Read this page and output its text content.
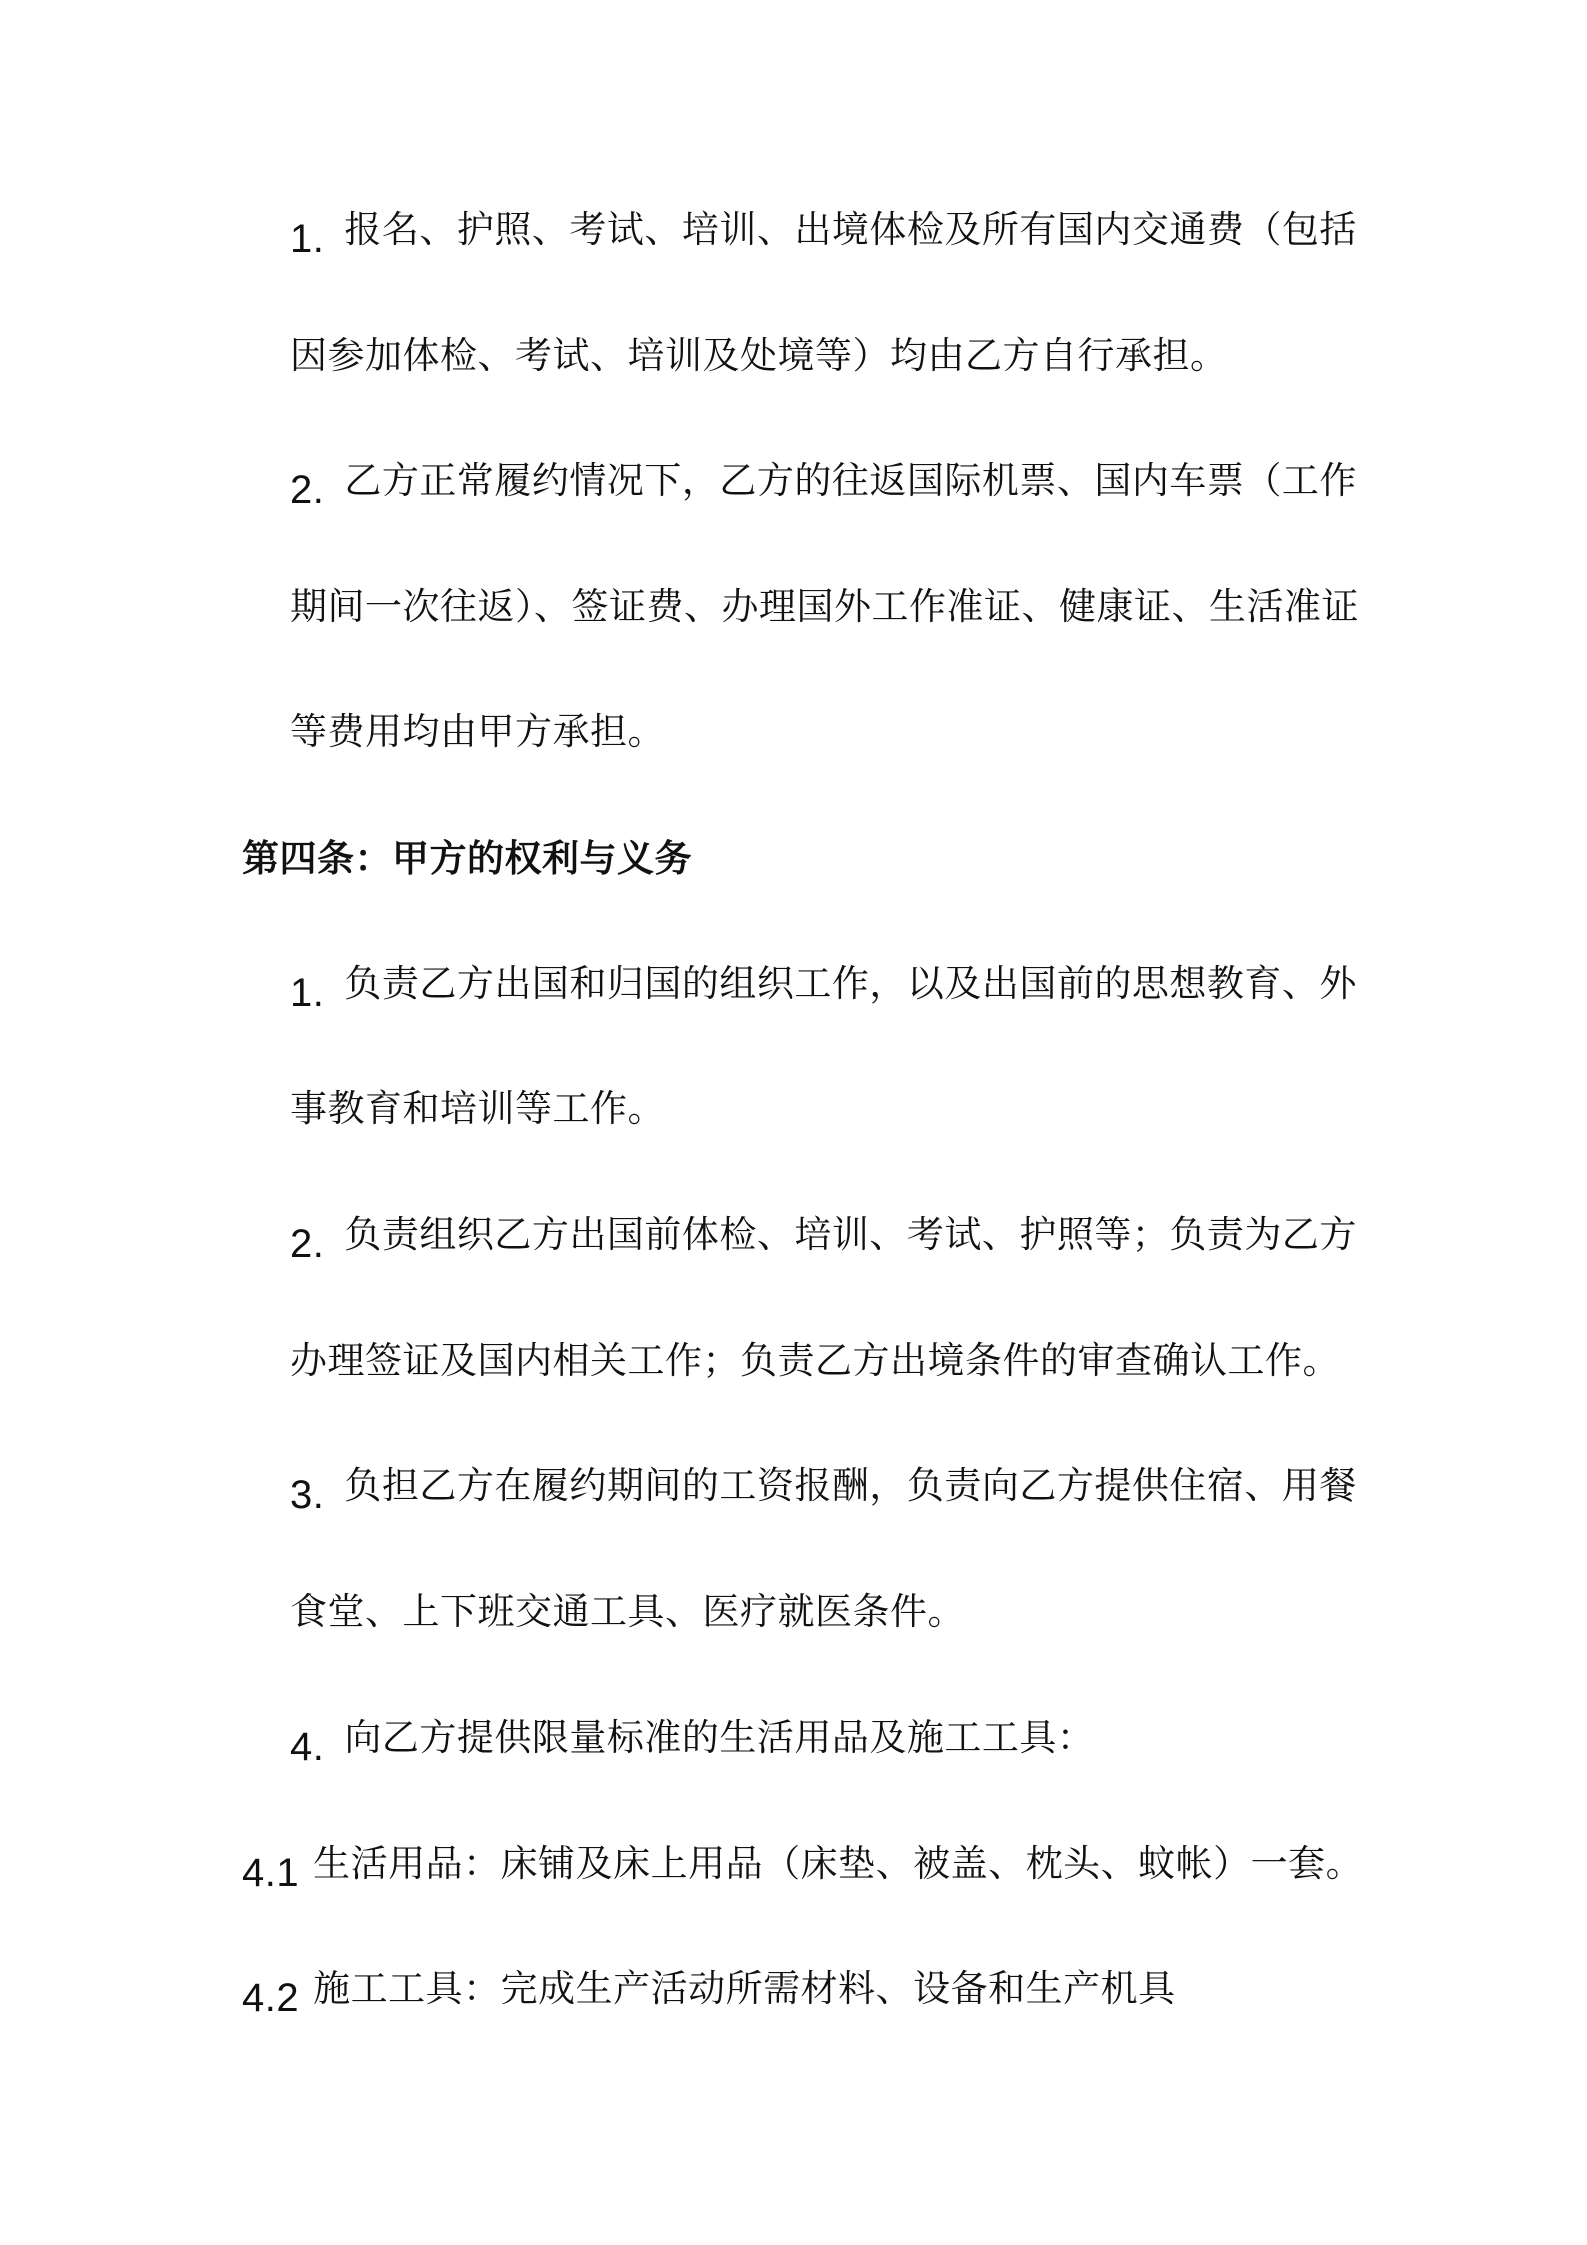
1. 报名、护照、考试、培训、出境体检及所有国内交通费（包括
因参加体检、考试、培训及处境等）均由乙方自行承担。
2. 乙方正常履约情况下，乙方的往返国际机票、国内车票（工作
期间一次往返）、签证费、办理国外工作准证、健康证、生活准证
等费用均由甲方承担。
第四条：甲方的权利与义务
1. 负责乙方出国和归国的组织工作，以及出国前的思想教育、外
事教育和培训等工作。
2. 负责组织乙方出国前体检、培训、考试、护照等；负责为乙方
办理签证及国内相关工作；负责乙方出境条件的审查确认工作。
3. 负担乙方在履约期间的工资报酬，负责向乙方提供住宿、用餐
食堂、上下班交通工具、医疗就医条件。
4. 向乙方提供限量标准的生活用品及施工工具：
4.1 生活用品：床铺及床上用品（床垫、被盖、枕头、蚊帐）一套。
4.2 施工工具：完成生产活动所需材料、设备和生产机具
